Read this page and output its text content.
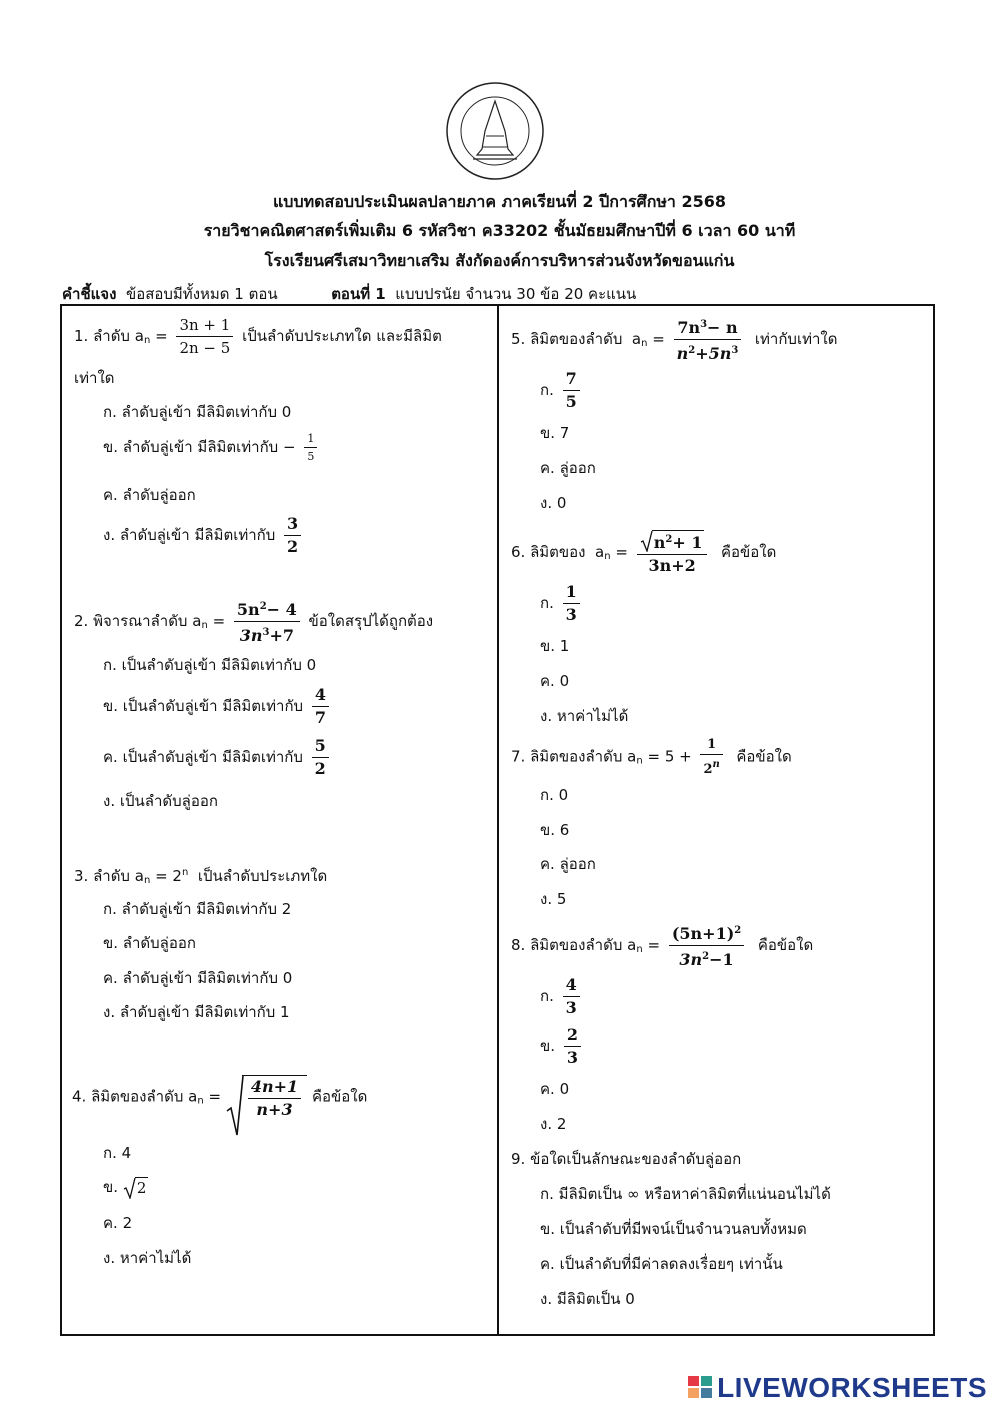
แบบทดสอบประเมินผลปลายภาค ภาคเรียนที่ 2 ปีการศึกษา 2568
รายวิชาคณิตศาสตร์เพิ่มเติม 6 รหัสวิชา ค33202 ชั้นมัธยมศึกษาปีที่ 6 เวลา 60 นาที
โรงเรียนศรีเสมาวิทยาเสริม สังกัดองค์การบริหารส่วนจังหวัดขอนแก่น
คำชี้แจง ข้อสอบมีทั้งหมด 1 ตอน	ตอนที่ 1 แบบปรนัย จำนวน 30 ข้อ 20 คะแนน
1. ลำดับ $a_n = \frac{3n + 1}{2n - 5}$ เป็นลำดับประเภทใด และมีลิมิต
เท่าใด
ก. ลำดับลู่เข้า มีลิมิตเท่ากับ 0
ข. ลำดับลู่เข้า มีลิมิตเท่ากับ − $\frac{1}{5}$
ค. ลำดับลู่ออก
ง. ลำดับลู่เข้า มีลิมิตเท่ากับ $\frac{3}{2}$
2. พิจารณาลำดับ $a_n = \frac{5n^2- 4}{3n^3+7}$ ข้อใดสรุปได้ถูกต้อง
ก. เป็นลำดับลู่เข้า มีลิมิตเท่ากับ 0
ข. เป็นลำดับลู่เข้า มีลิมิตเท่ากับ $\frac{4}{7}$
ค. เป็นลำดับลู่เข้า มีลิมิตเท่ากับ $\frac{5}{2}$
ง. เป็นลำดับลู่ออก
3. ลำดับ $a_n = 2^n$ เป็นลำดับประเภทใด
ก. ลำดับลู่เข้า มีลิมิตเท่ากับ 2
ข. ลำดับลู่ออก
ค. ลำดับลู่เข้า มีลิมิตเท่ากับ 0
ง. ลำดับลู่เข้า มีลิมิตเท่ากับ 1
4. ลิมิตของลำดับ $a_n = \frac{4n+1}{n+3}$ คือข้อใด
ก. 4
ข. 2
ค. 2
ง. หาค่าไม่ได้
5. ลิมิตของลำดับ $a_n = \frac{7n^3- n}{n^2+5n^3}$ เท่ากับเท่าใด
ก. $\frac{7}{5}$
ข. 7
ค. ลู่ออก
ง. 0
6. ลิมิตของ $a_n = \frac{n^2+ 1}{3n+2}$ คือข้อใด
ก. $\frac{1}{3}$
ข. 1
ค. 0
ง. หาค่าไม่ได้
7. ลิมิตของลำดับ $a_n = 5 + \frac{1}{2^n}$ คือข้อใด
ก. 0
ข. 6
ค. ลู่ออก
ง. 5
8. ลิมิตของลำดับ $a_n = \frac{(5n+1)^2}{3n^2-1}$ คือข้อใด
ก. $\frac{4}{3}$
ข. $\frac{2}{3}$
ค. 0
ง. 2
9. ข้อใดเป็นลักษณะของลำดับลู่ออก
ก. มีลิมิตเป็น ∞ หรือหาค่าลิมิตที่แน่นอนไม่ได้
ข. เป็นลำดับที่มีพจน์เป็นจำนวนลบทั้งหมด
ค. เป็นลำดับที่มีค่าลดลงเรื่อยๆ เท่านั้น
ง. มีลิมิตเป็น 0
LIVEWORKSHEETS
